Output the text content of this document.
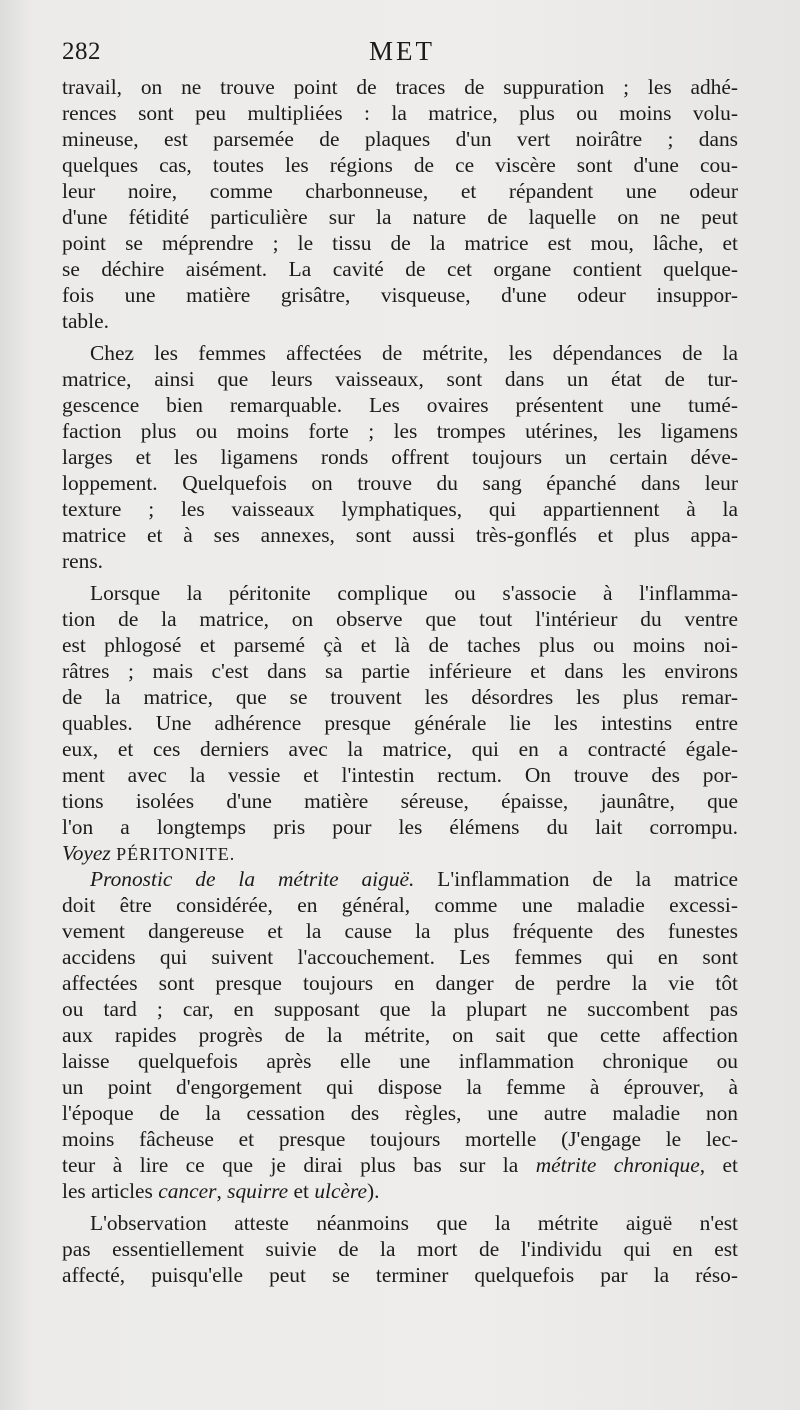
282	MET
travail, on ne trouve point de traces de suppuration ; les adhé-
rences sont peu multipliées : la matrice, plus ou moins volu-
mineuse, est parsemée de plaques d'un vert noirâtre ; dans
quelques cas, toutes les régions de ce viscère sont d'une cou-
leur noire, comme charbonneuse, et répandent une odeur
d'une fétidité particulière sur la nature de laquelle on ne peut
point se méprendre ; le tissu de la matrice est mou, lâche, et
se déchire aisément. La cavité de cet organe contient quelque-
fois une matière grisâtre, visqueuse, d'une odeur insuppor-
table.
Chez les femmes affectées de métrite, les dépendances de la
matrice, ainsi que leurs vaisseaux, sont dans un état de tur-
gescence bien remarquable. Les ovaires présentent une tumé-
faction plus ou moins forte ; les trompes utérines, les ligamens
larges et les ligamens ronds offrent toujours un certain déve-
loppement. Quelquefois on trouve du sang épanché dans leur
texture ; les vaisseaux lymphatiques, qui appartiennent à la
matrice et à ses annexes, sont aussi très-gonflés et plus appa-
rens.
Lorsque la péritonite complique ou s'associe à l'inflamma-
tion de la matrice, on observe que tout l'intérieur du ventre
est phlogosé et parsemé çà et là de taches plus ou moins noi-
râtres ; mais c'est dans sa partie inférieure et dans les environs
de la matrice, que se trouvent les désordres les plus remar-
quables. Une adhérence presque générale lie les intestins entre
eux, et ces derniers avec la matrice, qui en a contracté égale-
ment avec la vessie et l'intestin rectum. On trouve des por-
tions isolées d'une matière séreuse, épaisse, jaunâtre, que
l'on a longtemps pris pour les élémens du lait corrompu.
Voyez PÉRITONITE.
Pronostic de la métrite aiguë. L'inflammation de la matrice
doit être considérée, en général, comme une maladie excessi-
vement dangereuse et la cause la plus fréquente des funestes
accidens qui suivent l'accouchement. Les femmes qui en sont
affectées sont presque toujours en danger de perdre la vie tôt
ou tard ; car, en supposant que la plupart ne succombent pas
aux rapides progrès de la métrite, on sait que cette affection
laisse quelquefois après elle une inflammation chronique ou
un point d'engorgement qui dispose la femme à éprouver, à
l'époque de la cessation des règles, une autre maladie non
moins fâcheuse et presque toujours mortelle (J'engage le lec-
teur à lire ce que je dirai plus bas sur la métrite chronique, et
les articles cancer, squirre et ulcère).
L'observation atteste néanmoins que la métrite aiguë n'est
pas essentiellement suivie de la mort de l'individu qui en est
affecté, puisqu'elle peut se terminer quelquefois par la réso-
